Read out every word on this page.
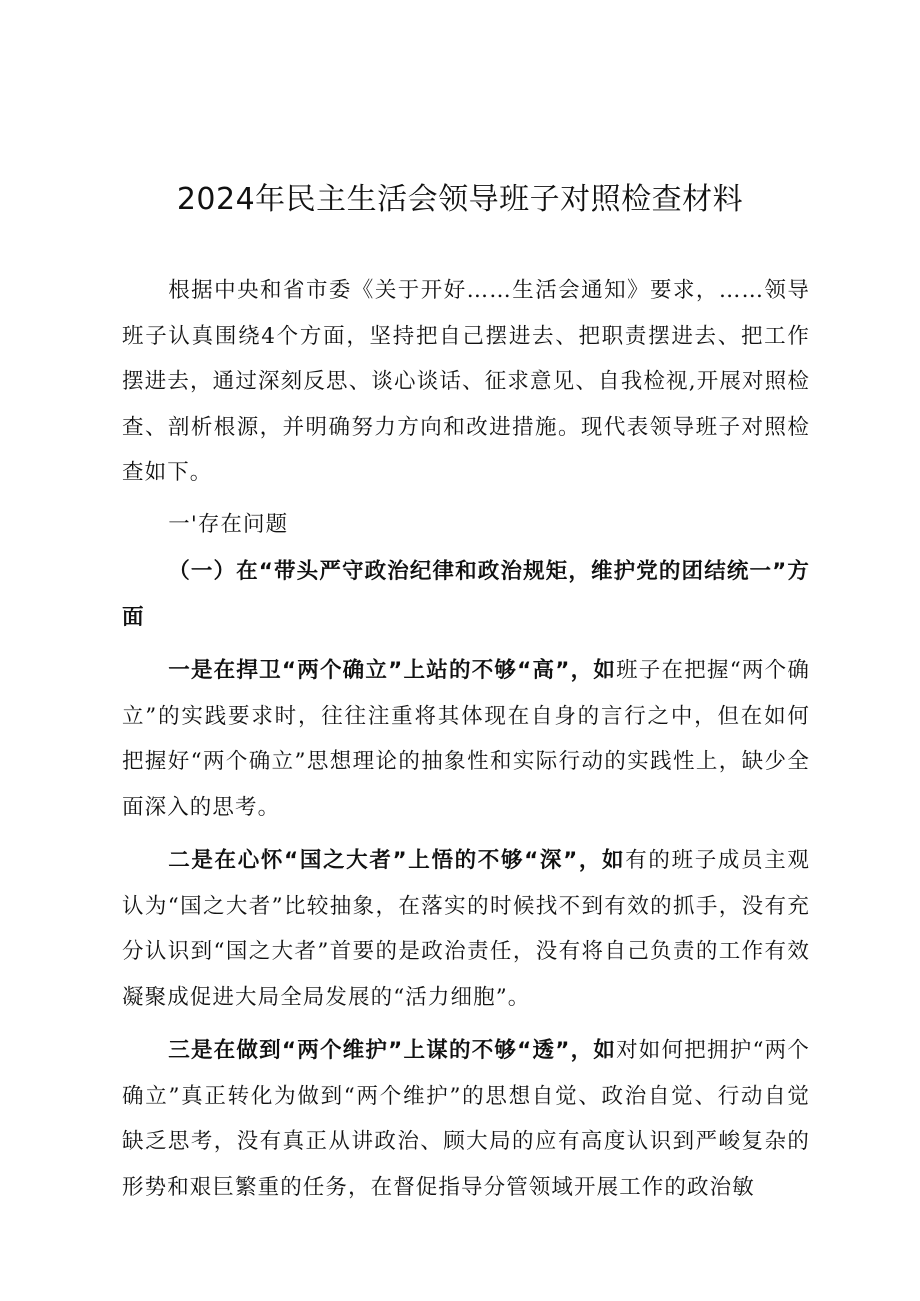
2024年民主生活会领导班子对照检查材料

根据中央和省市委《关于开好……生活会通知》要求，……领导班子认真围绕4个方面，坚持把自己摆进去、把职责摆进去、把工作摆进去，通过深刻反思、谈心谈话、征求意见、自我检视,开展对照检查、剖析根源，并明确努力方向和改进措施。现代表领导班子对照检查如下。

一'存在问题

（一）在“带头严守政治纪律和政治规矩，维护党的团结统一”方面

一是在捍卫“两个确立”上站的不够“高”，如班子在把握“两个确立”的实践要求时，往往注重将其体现在自身的言行之中，但在如何把握好“两个确立”思想理论的抽象性和实际行动的实践性上，缺少全面深入的思考。

二是在心怀“国之大者”上悟的不够“深”，如有的班子成员主观认为“国之大者”比较抽象，在落实的时候找不到有效的抓手，没有充分认识到“国之大者”首要的是政治责任，没有将自己负责的工作有效凝聚成促进大局全局发展的“活力细胞”。

三是在做到“两个维护”上谋的不够“透”，如对如何把拥护“两个确立”真正转化为做到“两个维护”的思想自觉、政治自觉、行动自觉缺乏思考，没有真正从讲政治、顾大局的应有高度认识到严峻复杂的形势和艰巨繁重的任务，在督促指导分管领域开展工作的政治敏
